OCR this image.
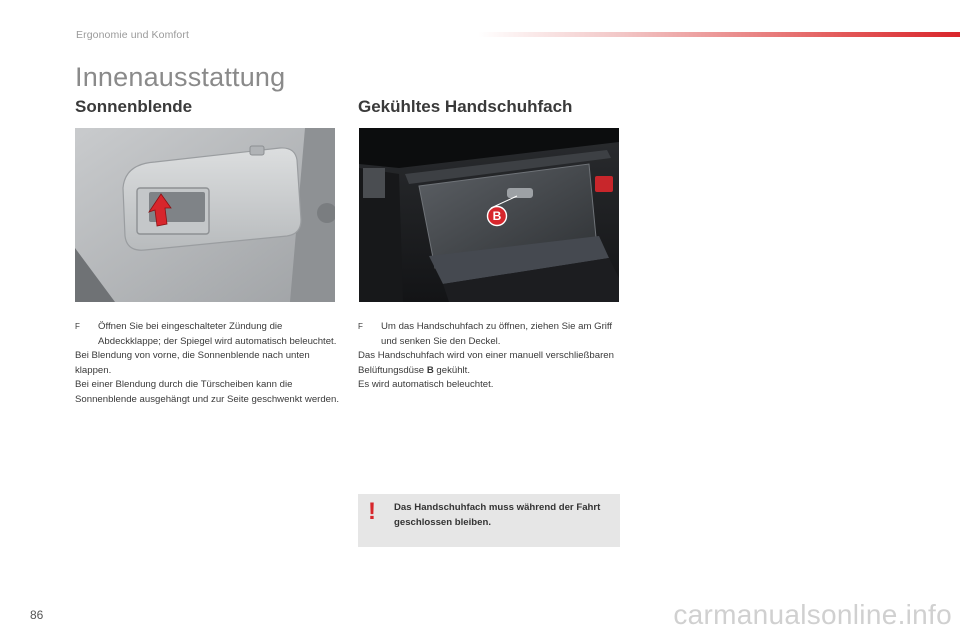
Ergonomie und Komfort
Innenausstattung
Sonnenblende
F Öffnen Sie bei eingeschalteter Zündung die Abdeckklappe; der Spiegel wird automatisch beleuchtet.
Bei Blendung von vorne, die Sonnenblende nach unten klappen.
Bei einer Blendung durch die Türscheiben kann die Sonnenblende ausgehängt und zur Seite geschwenkt werden.
Gekühltes Handschuhfach
B
F Um das Handschuhfach zu öffnen, ziehen Sie am Griff und senken Sie den Deckel.
Das Handschuhfach wird von einer manuell verschließbaren Belüftungsdüse B gekühlt.
Es wird automatisch beleuchtet.
! Das Handschuhfach muss während der Fahrt geschlossen bleiben.
86	carmanualsonline.info
